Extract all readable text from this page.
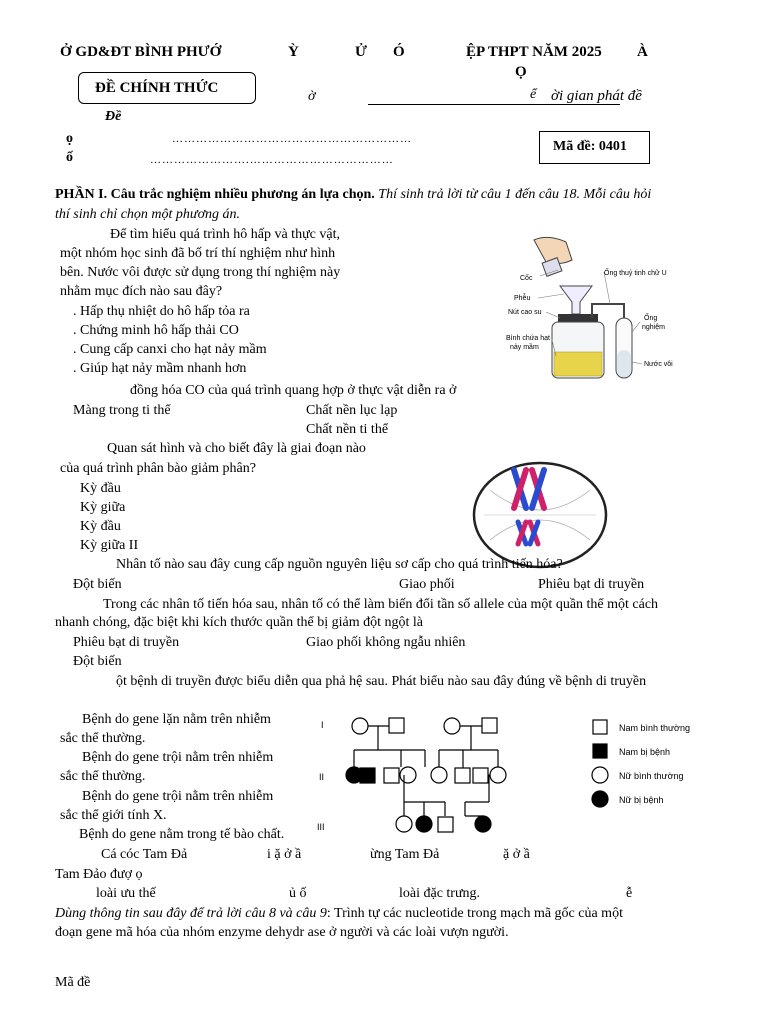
Ở GD&ĐT BÌNH PHƯỚ	Ỳ	Ử Ó	ỆP THPT NĂM 2025 À
Ọ
ĐỀ CHÍNH THỨC
Đề
ờ	ể ời gian phát đề
ọ	……………………………………………………
ố	…………………….………………………………
Mã đề: 0401
PHẦN I. Câu trắc nghiệm nhiều phương án lựa chọn. Thí sinh trả lời từ câu 1 đến câu 18. Mỗi câu hỏi
thí sinh chỉ chọn một phương án.
Để tìm hiểu quá trình hô hấp và thực vật,
một nhóm học sinh đã bố trí thí nghiệm như hình
bên. Nước vôi được sử dụng trong thí nghiệm này
nhằm mục đích nào sau đây?
. Hấp thụ nhiệt do hô hấp tỏa ra
. Chứng minh hô hấp thải CO
. Cung cấp canxi cho hạt nảy mầm
. Giúp hạt nảy mầm nhanh hơn
Cốc
Phễu
Nút cao su
Bình chứa hạt
nảy mầm
Ống thuỷ tinh chữ U
Ống
nghiệm
Nước vôi
đồng hóa CO của quá trình quang hợp ở thực vật diễn ra ở
Màng trong ti thể	Chất nền lục lạp
Chất nền ti thể
Quan sát hình và cho biết đây là giai đoạn nào
của quá trình phân bào giảm phân?
Kỳ đầu
Kỳ giữa
Kỳ đầu
Kỳ giữa II
Nhân tố nào sau đây cung cấp nguồn nguyên liệu sơ cấp cho quá trình tiến hóa?
Đột biến	Giao phối	Phiêu bạt di truyền
Trong các nhân tố tiến hóa sau, nhân tố có thể làm biến đổi tần số allele của một quần thể một cách
nhanh chóng, đặc biệt khi kích thước quần thể bị giảm đột ngột là
Phiêu bạt di truyền	Giao phối không ngẫu nhiên
Đột biến
ột bệnh di truyền được biểu diễn qua phả hệ sau. Phát biểu nào sau đây đúng về bệnh di truyền
Bệnh do gene lặn nằm trên nhiễm
sắc thể thường.
Bệnh do gene trội nằm trên nhiễm
sắc thể thường.
Bệnh do gene trội nằm trên nhiễm
sắc thể giới tính X.
Bệnh do gene nằm trong tế bào chất.
I
II
III
Nam bình thường
Nam bị bệnh
Nữ bình thường
Nữ bị bệnh
Cá cóc Tam Đả	i ặ ở ầ	ừng Tam Đả	ặ ở ầ
Tam Đảo đượ ọ
loài ưu thế	ủ ố	loài đặc trưng.	ễ
Dùng thông tin sau đây để trả lời câu 8 và câu 9: Trình tự các nucleotide trong mạch mã gốc của một
đoạn gene mã hóa của nhóm enzyme dehydr ase ở người và các loài vượn người.
Mã đề
